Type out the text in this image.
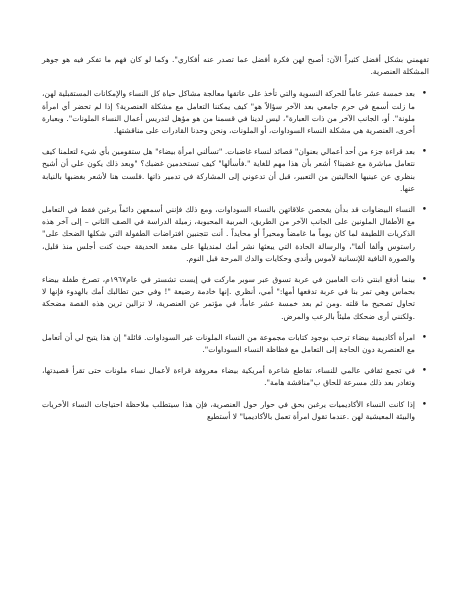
تفهمني بشكل أفضل كثيراً الآن: أصبح لهن فكرة أفضل عما تصدر عنه أفكاري". وكما لو كان فهم ما تفكر فيه هو جوهر المشكلة العنصرية.

•
بعد خمسة عشر عاماً للحركة النسوية والتي تأخذ على عاتقها معالجة مشاكل حياة كل النساء والإمكانات المستقبلية لهن، ما زلت أسمع في حرم جامعي بعد الآخر سؤالاً هو" كيف يمكننا التعامل مع مشكلة العنصرية؟ إذا لم تحضر أي امرأة ملونة". أو، الجانب الآخر من ذات العبارة"، ليس لدينا في قسمنا من هو مؤهل لتدريس أعمال النساء الملونات". وبعبارة أخرى، العنصرية هي مشكلة النساء السوداوات، أو الملونات، ونحن وحدنا القادرات على مناقشتها.
•
بعد قراءة جزء من أحد أعمالي بعنوان" قصائد لنساء غاضبات. "تسألني امرأة بيضاء" هل ستقومين بأي شيء لتعلمنا كيف نتعامل مباشرة مع غضبنا؟ أشعر بأن هذا مهم للغاية ".فأسألها" كيف تستخدمين غضبك؟ "وبعد ذلك يكون علي أن أشيح بنظري عن عينيها الخاليتين من التعبير، قبل أن تدعوني إلى المشاركة في تدمير ذاتها .فلست هنا لأشعر بغضبها بالنيابة عنها.
•
النساء البيضاوات قد بدأن يفحصن علاقاتهن بالنساء السوداوات، ومع ذلك فإنني أسمعهن دائماً يرغبن فقط في التعامل مع الأطفال الملونين على الجانب الآخر من الطريق، المربية المحبوبة، زميلة الدراسة في الصف الثاني – إلى آخر هذه الذكريات اللطيفة لما كان يوماً ما غامضاً ومحيراً أو محايداً . أنت تتجنبين افتراضات الطفولة التي شكلها الضحك على" راستوس وألفا ألفا"، والرسالة الحادة التي يبعثها نشر أمك لمنديلها على مقعد الحديقة حيث كنت أجلس منذ قليل، والصورة النافية للإنسانية لأموس وأندي وحكايات والدك المرحة قبل النوم.
•
بينما أدفع ابنتي ذات العامين في عربة تسوق عبر سوبر ماركت في إيست تشستر في عام١٩٦٧م، تصرخ طفلة بيضاء بحماس وهي تمر بنا في عربة تدفعها أمها:" أمي، أنظري .إنها خادمة رضيعة "! وفي حين تطالبك أمك بالهدوء فإنها لا تحاول تصحيح ما قلته .ومن ثم بعد خمسة عشر عاماً، في مؤتمر عن العنصرية، لا تزالين ترين هذه القصة مضحكة .ولكنني أرى ضحكك مليئاً بالرعب والمرض.
•
امرأة أكاديمية بيضاء ترحب بوجود كتابات مجموعة من النساء الملونات غير السوداوات. قائلة" إن هذا يتيح لي أن أتعامل مع العنصرية دون الحاجة إلى التعامل مع فظاظة النساء السوداوات".
•
في تجمع ثقافي عالمي للنساء، تقاطع شاعرة أمريكية بيضاء معروفة قراءة لأعمال نساء ملونات حتى تقرأ قصيدتها، وتغادر بعد ذلك مسرعة للحاق ب"مناقشة هامة".
•
إذا كانت النساء الأكاديميات يرغبن بحق في حوار حول العنصرية، فإن هذا سيتطلب ملاحظة احتياجات النساء الأخريات والبيئة المعيشية لهن .عندما تقول امرأة تعمل بالأكاديميا" لا أستطيع
